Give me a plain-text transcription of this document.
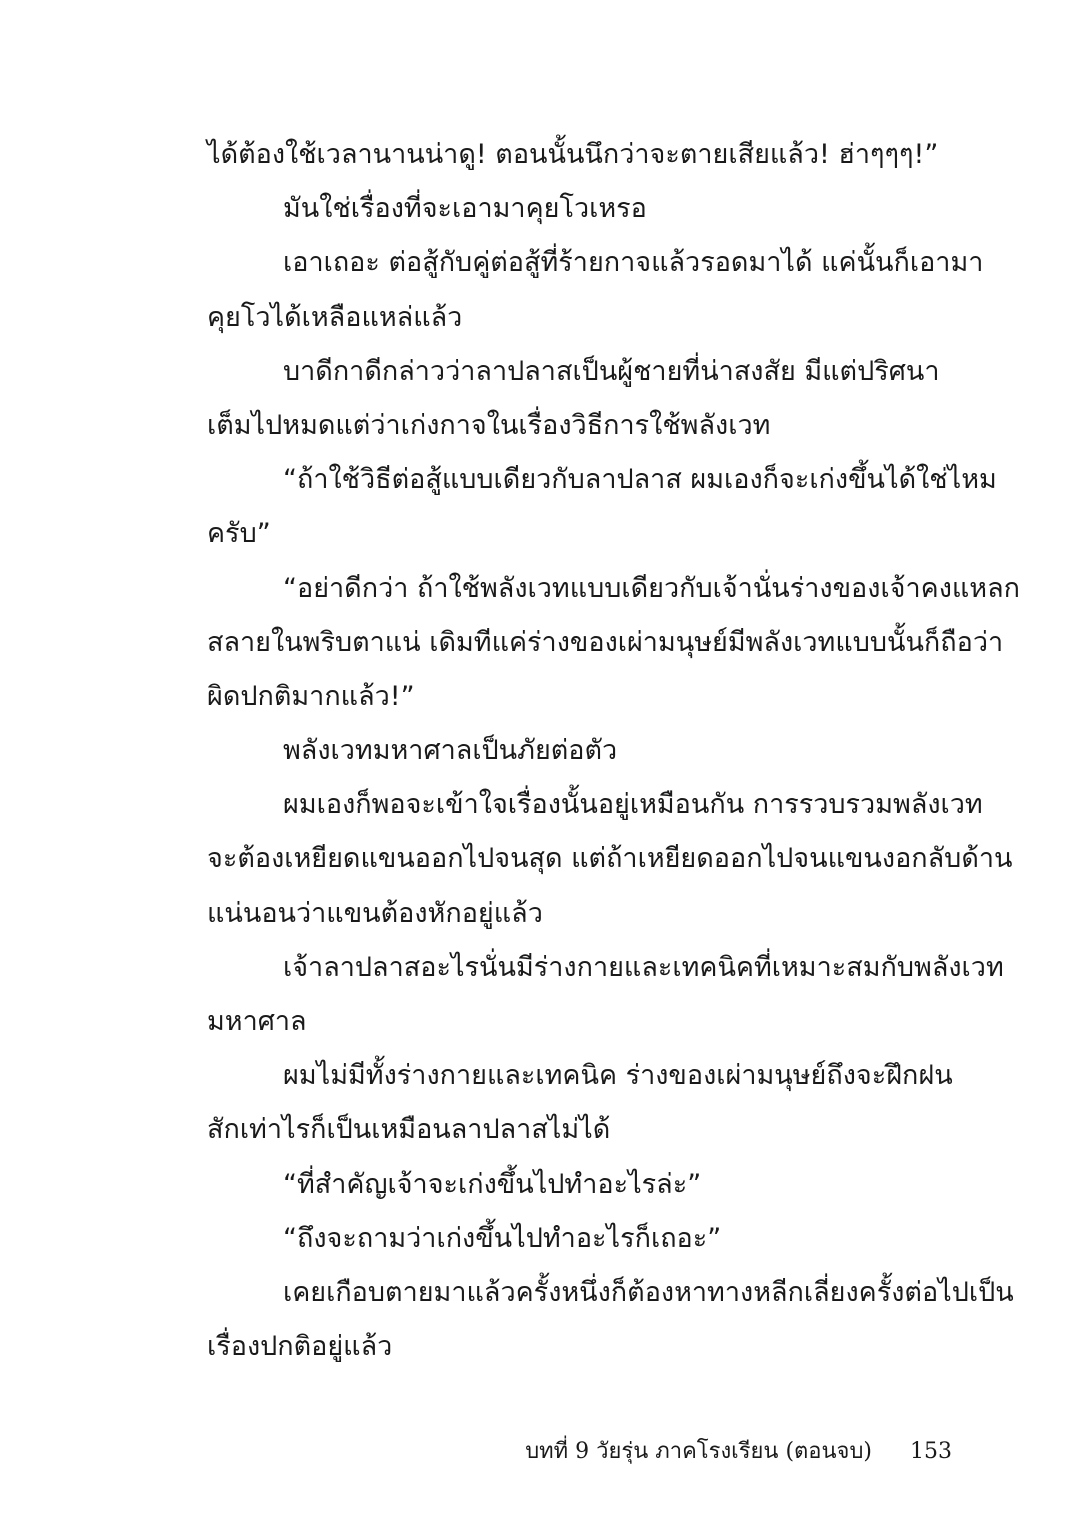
ได้ต้องใช้เวลานานน่าดู! ตอนนั้นนึกว่าจะตายเสียแล้ว! ฮ่าๆๆๆ!”
มันใช่เรื่องที่จะเอามาคุยโวเหรอ
เอาเถอะ ต่อสู้กับคู่ต่อสู้ที่ร้ายกาจแล้วรอดมาได้ แค่นั้นก็เอามา
คุยโวได้เหลือแหล่แล้ว
บาดีกาดีกล่าวว่าลาปลาสเป็นผู้ชายที่น่าสงสัย มีแต่ปริศนา
เต็มไปหมดแต่ว่าเก่งกาจในเรื่องวิธีการใช้พลังเวท
“ถ้าใช้วิธีต่อสู้แบบเดียวกับลาปลาส ผมเองก็จะเก่งขึ้นได้ใช่ไหม
ครับ”
“อย่าดีกว่า ถ้าใช้พลังเวทแบบเดียวกับเจ้านั่นร่างของเจ้าคงแหลก
สลายในพริบตาแน่ เดิมทีแค่ร่างของเผ่ามนุษย์มีพลังเวทแบบนั้นก็ถือว่า
ผิดปกติมากแล้ว!”
พลังเวทมหาศาลเป็นภัยต่อตัว
ผมเองก็พอจะเข้าใจเรื่องนั้นอยู่เหมือนกัน การรวบรวมพลังเวท
จะต้องเหยียดแขนออกไปจนสุด แต่ถ้าเหยียดออกไปจนแขนงอกลับด้าน
แน่นอนว่าแขนต้องหักอยู่แล้ว
เจ้าลาปลาสอะไรนั่นมีร่างกายและเทคนิคที่เหมาะสมกับพลังเวท
มหาศาล
ผมไม่มีทั้งร่างกายและเทคนิค ร่างของเผ่ามนุษย์ถึงจะฝึกฝน
สักเท่าไรก็เป็นเหมือนลาปลาสไม่ได้
“ที่สำคัญเจ้าจะเก่งขึ้นไปทำอะไรล่ะ”
“ถึงจะถามว่าเก่งขึ้นไปทำอะไรก็เถอะ”
เคยเกือบตายมาแล้วครั้งหนึ่งก็ต้องหาทางหลีกเลี่ยงครั้งต่อไปเป็น
เรื่องปกติอยู่แล้ว
บทที่ 9 วัยรุ่น ภาคโรงเรียน (ตอนจบ) 153
